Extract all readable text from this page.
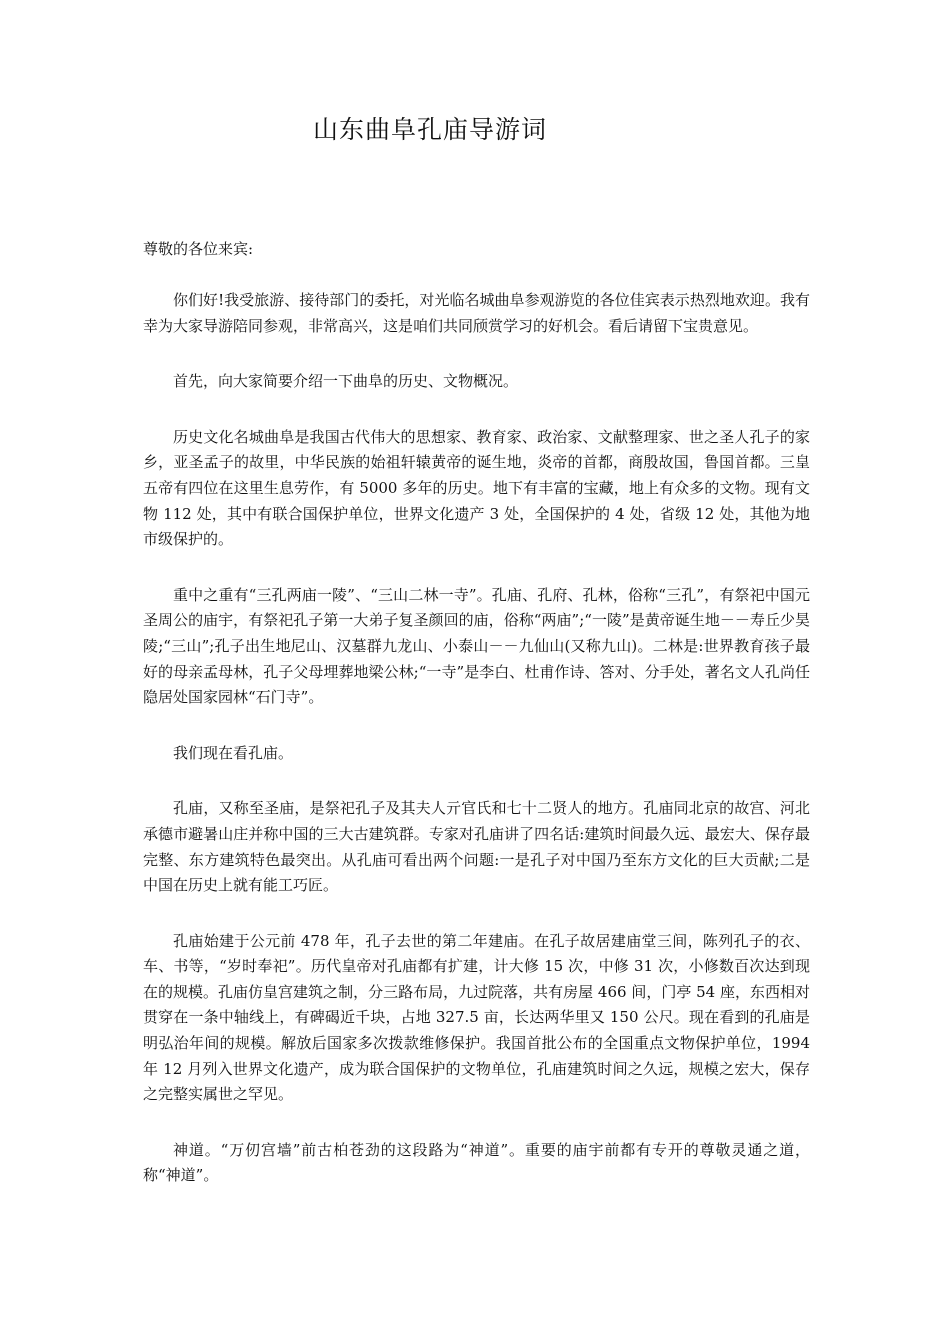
山东曲阜孔庙导游词

尊敬的各位来宾:

你们好!我受旅游、接待部门的委托，对光临名城曲阜参观游览的各位佳宾表示热烈地欢迎。我有幸为大家导游陪同参观，非常高兴，这是咱们共同颀赏学习的好机会。看后请留下宝贵意见。

首先，向大家简要介绍一下曲阜的历史、文物概况。

历史文化名城曲阜是我国古代伟大的思想家、教育家、政治家、文献整理家、世之圣人孔子的家乡，亚圣孟子的故里，中华民族的始祖轩辕黄帝的诞生地，炎帝的首都，商殷故国，鲁国首都。三皇五帝有四位在这里生息劳作，有 5000 多年的历史。地下有丰富的宝藏，地上有众多的文物。现有文物 112 处，其中有联合国保护单位，世界文化遗产 3 处，全国保护的 4 处，省级 12 处，其他为地市级保护的。

重中之重有“三孔两庙一陵”、“三山二林一寺”。孔庙、孔府、孔林，俗称“三孔”，有祭祀中国元圣周公的庙宇，有祭祀孔子第一大弟子复圣颜回的庙，俗称“两庙”;“一陵”是黄帝诞生地－－寿丘少昊陵;“三山”;孔子出生地尼山、汉墓群九龙山、小泰山－－九仙山(又称九山)。二林是:世界教育孩子最好的母亲孟母林，孔子父母埋葬地梁公林;“一寺”是李白、杜甫作诗、答对、分手处，著名文人孔尚任隐居处国家园林“石门寺”。

我们现在看孔庙。

孔庙，又称至圣庙，是祭祀孔子及其夫人亓官氏和七十二贤人的地方。孔庙同北京的故宫、河北承德市避暑山庄并称中国的三大古建筑群。专家对孔庙讲了四名话:建筑时间最久远、最宏大、保存最完整、东方建筑特色最突出。从孔庙可看出两个问题:一是孔子对中国乃至东方文化的巨大贡献;二是中国在历史上就有能工巧匠。

孔庙始建于公元前 478 年，孔子去世的第二年建庙。在孔子故居建庙堂三间，陈列孔子的衣、车、书等，“岁时奉祀”。历代皇帝对孔庙都有扩建，计大修 15 次，中修 31 次，小修数百次达到现在的规模。孔庙仿皇宫建筑之制，分三路布局，九过院落，共有房屋 466 间，门亭 54 座，东西相对贯穿在一条中轴线上，有碑碣近千块，占地 327.5 亩，长达两华里又 150 公尺。现在看到的孔庙是明弘治年间的规模。解放后国家多次拨款维修保护。我国首批公布的全国重点文物保护单位，1994 年 12 月列入世界文化遗产，成为联合国保护的文物单位，孔庙建筑时间之久远，规模之宏大，保存之完整实属世之罕见。

神道。“万仞宫墙”前古柏苍劲的这段路为“神道”。重要的庙宇前都有专开的尊敬灵通之道，称“神道”。
